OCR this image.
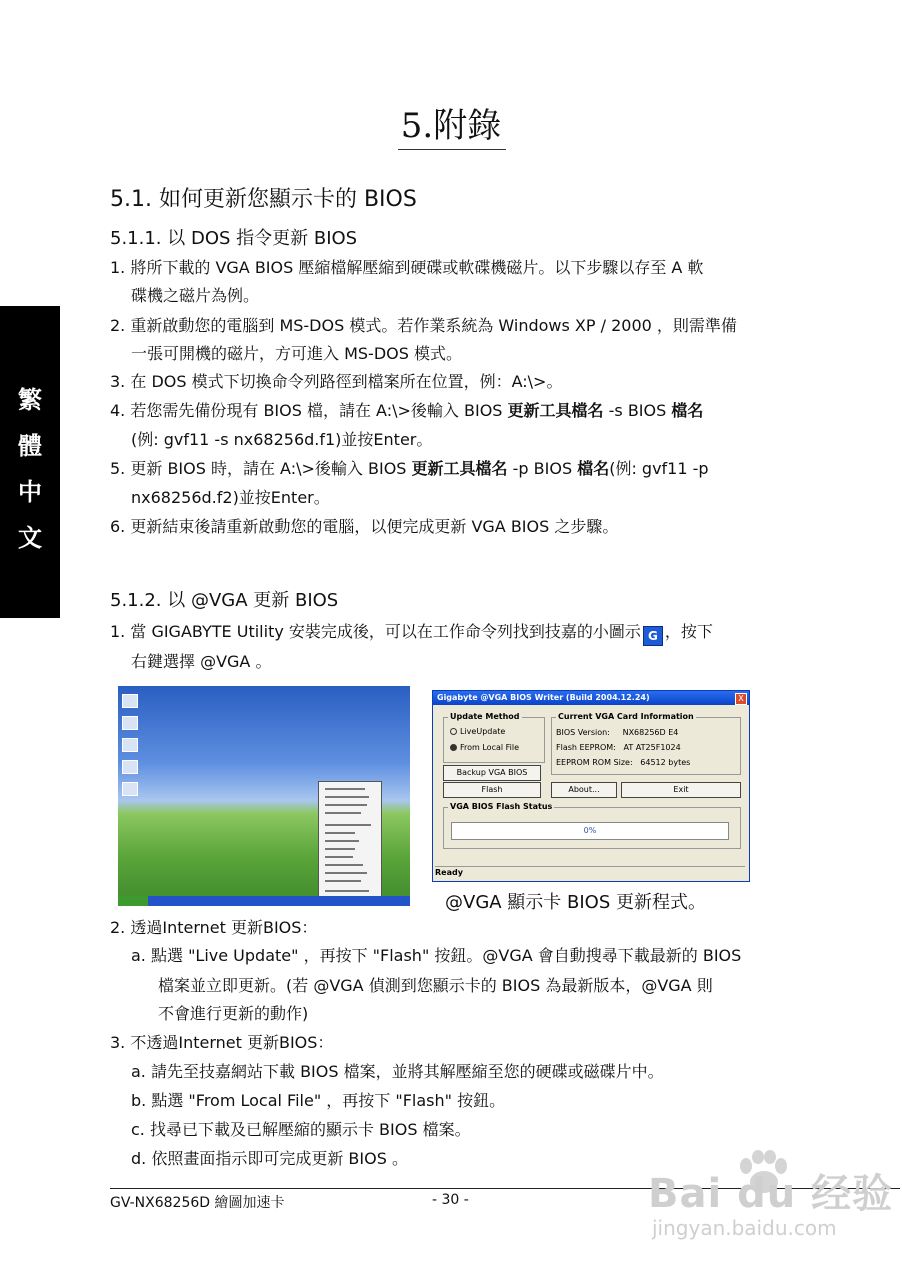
5.附錄
繁
體
中
文
5.1. 如何更新您顯示卡的 BIOS
5.1.1. 以 DOS 指令更新 BIOS
1. 將所下載的 VGA BIOS 壓縮檔解壓縮到硬碟或軟碟機磁片。以下步驟以存至 A 軟
碟機之磁片為例。
2. 重新啟動您的電腦到 MS-DOS 模式。若作業系統為 Windows XP / 2000 ，則需準備
一張可開機的磁片，方可進入 MS-DOS 模式。
3. 在 DOS 模式下切換命令列路徑到檔案所在位置，例：A:\>。
4. 若您需先備份現有 BIOS 檔，請在 A:\>後輸入 BIOS 更新工具檔名 -s BIOS 檔名
(例: gvf11 -s nx68256d.f1)並按Enter。
5. 更新 BIOS 時，請在 A:\>後輸入 BIOS 更新工具檔名 -p BIOS 檔名(例: gvf11 -p
nx68256d.f2)並按Enter。
6. 更新結束後請重新啟動您的電腦，以便完成更新 VGA BIOS 之步驟。
5.1.2. 以 @VGA 更新 BIOS
1. 當 GIGABYTE Utility 安裝完成後，可以在工作命令列找到技嘉的小圖示 G ，按下
右鍵選擇 @VGA 。
Gigabyte @VGA BIOS Writer (Build 2004.12.24)	X
Update Method
LiveUpdate
From Local File
Current VGA Card Information
BIOS Version:     NX68256D E4
Flash EEPROM:   AT AT25F1024
EEPROM ROM Size:   64512 bytes
Backup VGA BIOS
Flash	About...	Exit
VGA BIOS Flash Status
0%
Ready
@VGA 顯示卡 BIOS 更新程式。
2. 透過Internet 更新BIOS：
a. 點選 "Live Update" ，再按下 "Flash" 按鈕。@VGA 會自動搜尋下載最新的 BIOS
檔案並立即更新。(若 @VGA 偵測到您顯示卡的 BIOS 為最新版本，@VGA 則
不會進行更新的動作)
3. 不透過Internet 更新BIOS：
a. 請先至技嘉網站下載 BIOS 檔案，並將其解壓縮至您的硬碟或磁碟片中。
b. 點選 "From Local File" ，再按下 "Flash" 按鈕。
c. 找尋已下載及已解壓縮的顯示卡 BIOS 檔案。
d. 依照畫面指示即可完成更新 BIOS 。
GV-NX68256D 繪圖加速卡	- 30 -	Bai du 经验
jingyan.baidu.com
